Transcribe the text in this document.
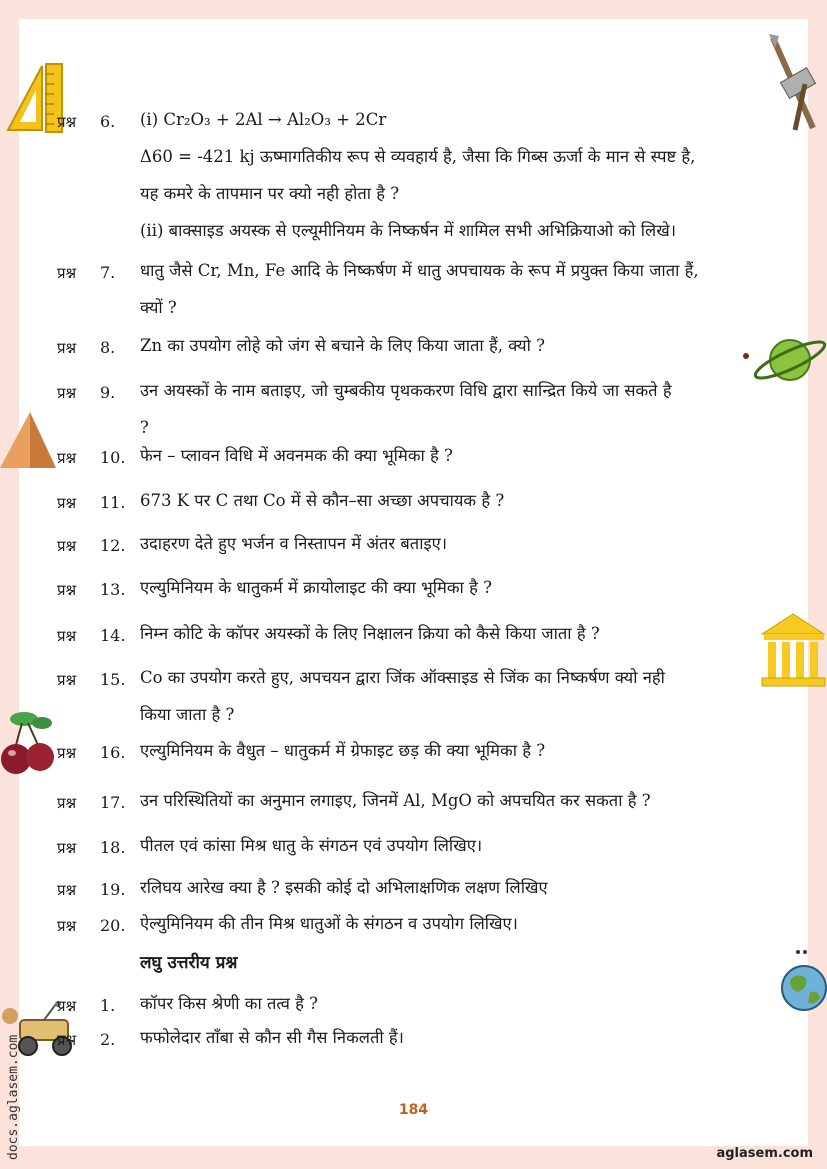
प्रश्न 6. (i) Cr₂O₃ + 2Al → Al₂O₃ + 2Cr
Δ60 = -421 kj ऊष्मागतिकीय रूप से व्यवहार्य है, जैसा कि गिब्स ऊर्जा के मान से स्पष्ट है,
यह कमरे के तापमान पर क्यो नही होता है ?
(ii) बाक्साइड अयस्क से एल्यूमीनियम के निष्कर्षन में शामिल सभी अभिक्रियाओ को लिखे।
प्रश्न 7. धातु जैसे Cr, Mn, Fe आदि के निष्कर्षण में धातु अपचायक के रूप में प्रयुक्त किया जाता हैं,
क्यों ?
प्रश्न 8. Zn का उपयोग लोहे को जंग से बचाने के लिए किया जाता हैं, क्यो ?
प्रश्न 9. उन अयस्कों के नाम बताइए, जो चुम्बकीय पृथककरण विधि द्वारा सान्द्रित किये जा सकते है
?
प्रश्न 10. फेन – प्लावन विधि में अवनमक की क्या भूमिका है ?
प्रश्न 11. 673 K पर C तथा Co में से कौन–सा अच्छा अपचायक है ?
प्रश्न 12. उदाहरण देते हुए भर्जन व निस्तापन में अंतर बताइए।
प्रश्न 13. एल्युमिनियम के धातुकर्म में क्रायोलाइट की क्या भूमिका है ?
प्रश्न 14. निम्न कोटि के कॉपर अयस्कों के लिए निक्षालन क्रिया को कैसे किया जाता है ?
प्रश्न 15. Co का उपयोग करते हुए, अपचयन द्वारा जिंक ऑक्साइड से जिंक का निष्कर्षण क्यो नही
किया जाता है ?
प्रश्न 16. एल्युमिनियम के वैधुत – धातुकर्म में ग्रेफाइट छड़ की क्या भूमिका है ?
प्रश्न 17. उन परिस्थितियों का अनुमान लगाइए, जिनमें Al, MgO को अपचयित कर सकता है ?
प्रश्न 18. पीतल एवं कांसा मिश्र धातु के संगठन एवं उपयोग लिखिए।
प्रश्न 19. रलिघय आरेख क्या है ? इसकी कोई दो अभिलाक्षणिक लक्षण लिखिए
प्रश्न 20. ऐल्युमिनियम की तीन मिश्र धातुओं के संगठन व उपयोग लिखिए।
लघु उत्तरीय प्रश्न
प्रश्न 1. कॉपर किस श्रेणी का तत्व है ?
प्रश्न 2. फफोलेदार ताँबा से कौन सी गैस निकलती हैं।
184
aglasem.com
docs.aglasem.com
